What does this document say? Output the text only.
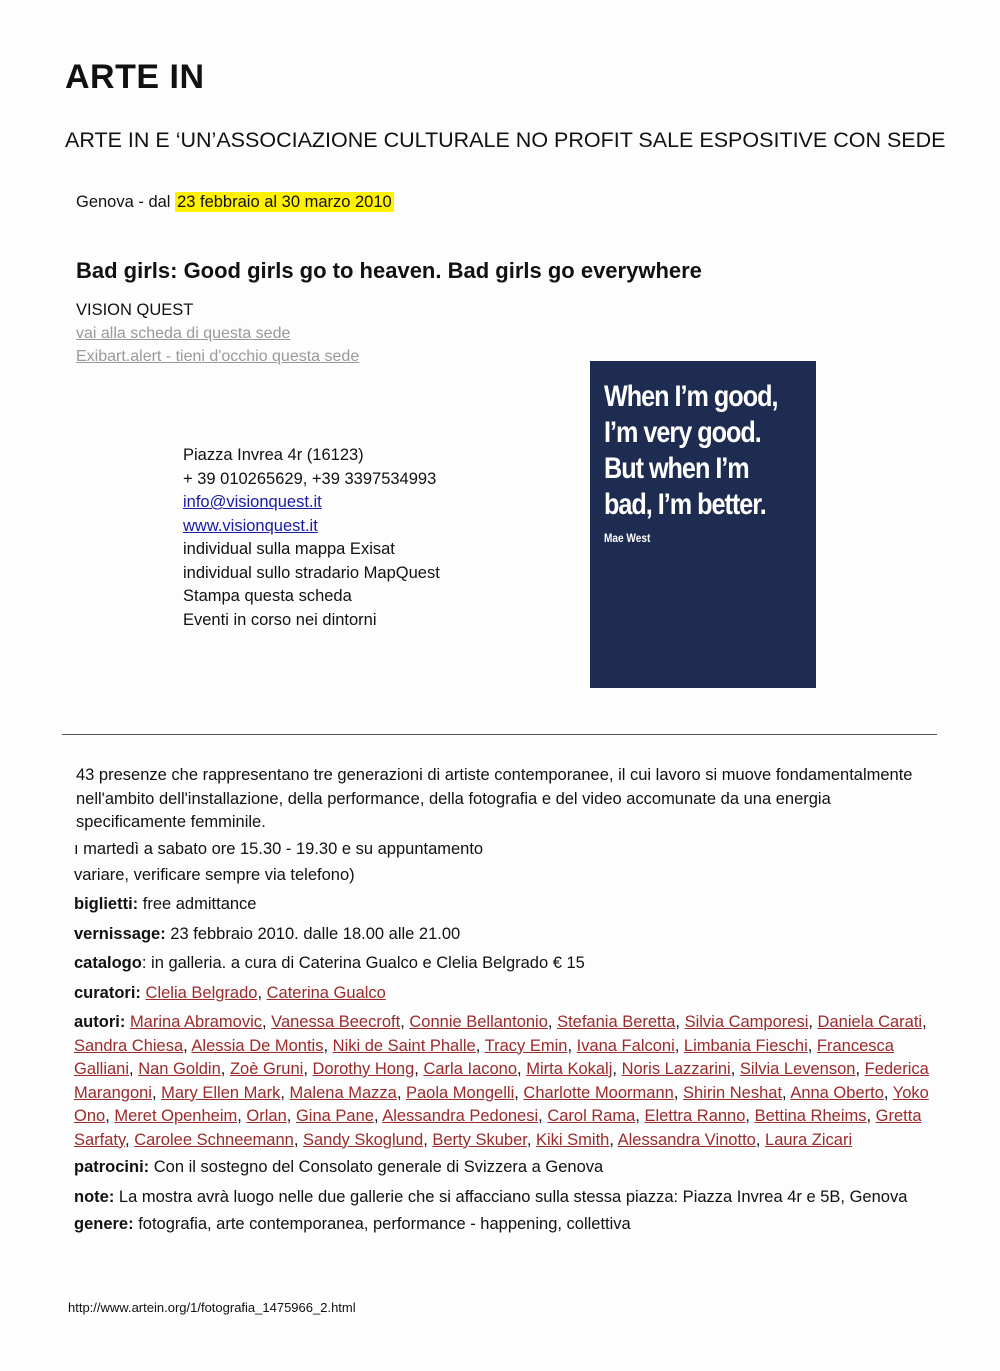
ARTE IN
ARTE IN E ‘UN’ASSOCIAZIONE CULTURALE NO PROFIT SALE ESPOSITIVE CON SEDE
Genova - dal 23 febbraio al 30 marzo 2010
Bad girls: Good girls go to heaven. Bad girls go everywhere
VISION QUEST
vai alla scheda di questa sede
Exibart.alert - tieni d'occhio questa sede
Piazza Invrea 4r (16123)
+ 39 010265629, +39 3397534993
info@visionquest.it
www.visionquest.it
individual sulla mappa Exisat
individual sullo stradario MapQuest
Stampa questa scheda
Eventi in corso nei dintorni
When I’m good,
I’m very good.
But when I’m
bad, I’m better.
Mae West

43 presenze che rappresentano tre generazioni di artiste contemporanee, il cui lavoro si muove fondamentalmente nell'ambito dell'installazione, della performance, della fotografia e del video accomunate da una energia specificamente femminile.

ı martedì a sabato ore 15.30 - 19.30 e su appuntamento
variare, verificare sempre via telefono)
biglietti: free admittance
vernissage: 23 febbraio 2010. dalle 18.00 alle 21.00
catalogo: in galleria. a cura di Caterina Gualco e Clelia Belgrado € 15
curatori: Clelia Belgrado, Caterina Gualco
autori: Marina Abramovic, Vanessa Beecroft, Connie Bellantonio, Stefania Beretta, Silvia Camporesi, Daniela Carati, Sandra Chiesa, Alessia De Montis, Niki de Saint Phalle, Tracy Emin, Ivana Falconi, Limbania Fieschi, Francesca Galliani, Nan Goldin, Zoè Gruni, Dorothy Hong, Carla Iacono, Mirta Kokalj, Noris Lazzarini, Silvia Levenson, Federica Marangoni, Mary Ellen Mark, Malena Mazza, Paola Mongelli, Charlotte Moormann, Shirin Neshat, Anna Oberto, Yoko Ono, Meret Openheim, Orlan, Gina Pane, Alessandra Pedonesi, Carol Rama, Elettra Ranno, Bettina Rheims, Gretta Sarfaty, Carolee Schneemann, Sandy Skoglund, Berty Skuber, Kiki Smith, Alessandra Vinotto, Laura Zicari
patrocini: Con il sostegno del Consolato generale di Svizzera a Genova
note: La mostra avrà luogo nelle due gallerie che si affacciano sulla stessa piazza: Piazza Invrea 4r e 5B, Genova
genere: fotografia, arte contemporanea, performance - happening, collettiva
http://www.artein.org/1/fotografia_1475966_2.html
